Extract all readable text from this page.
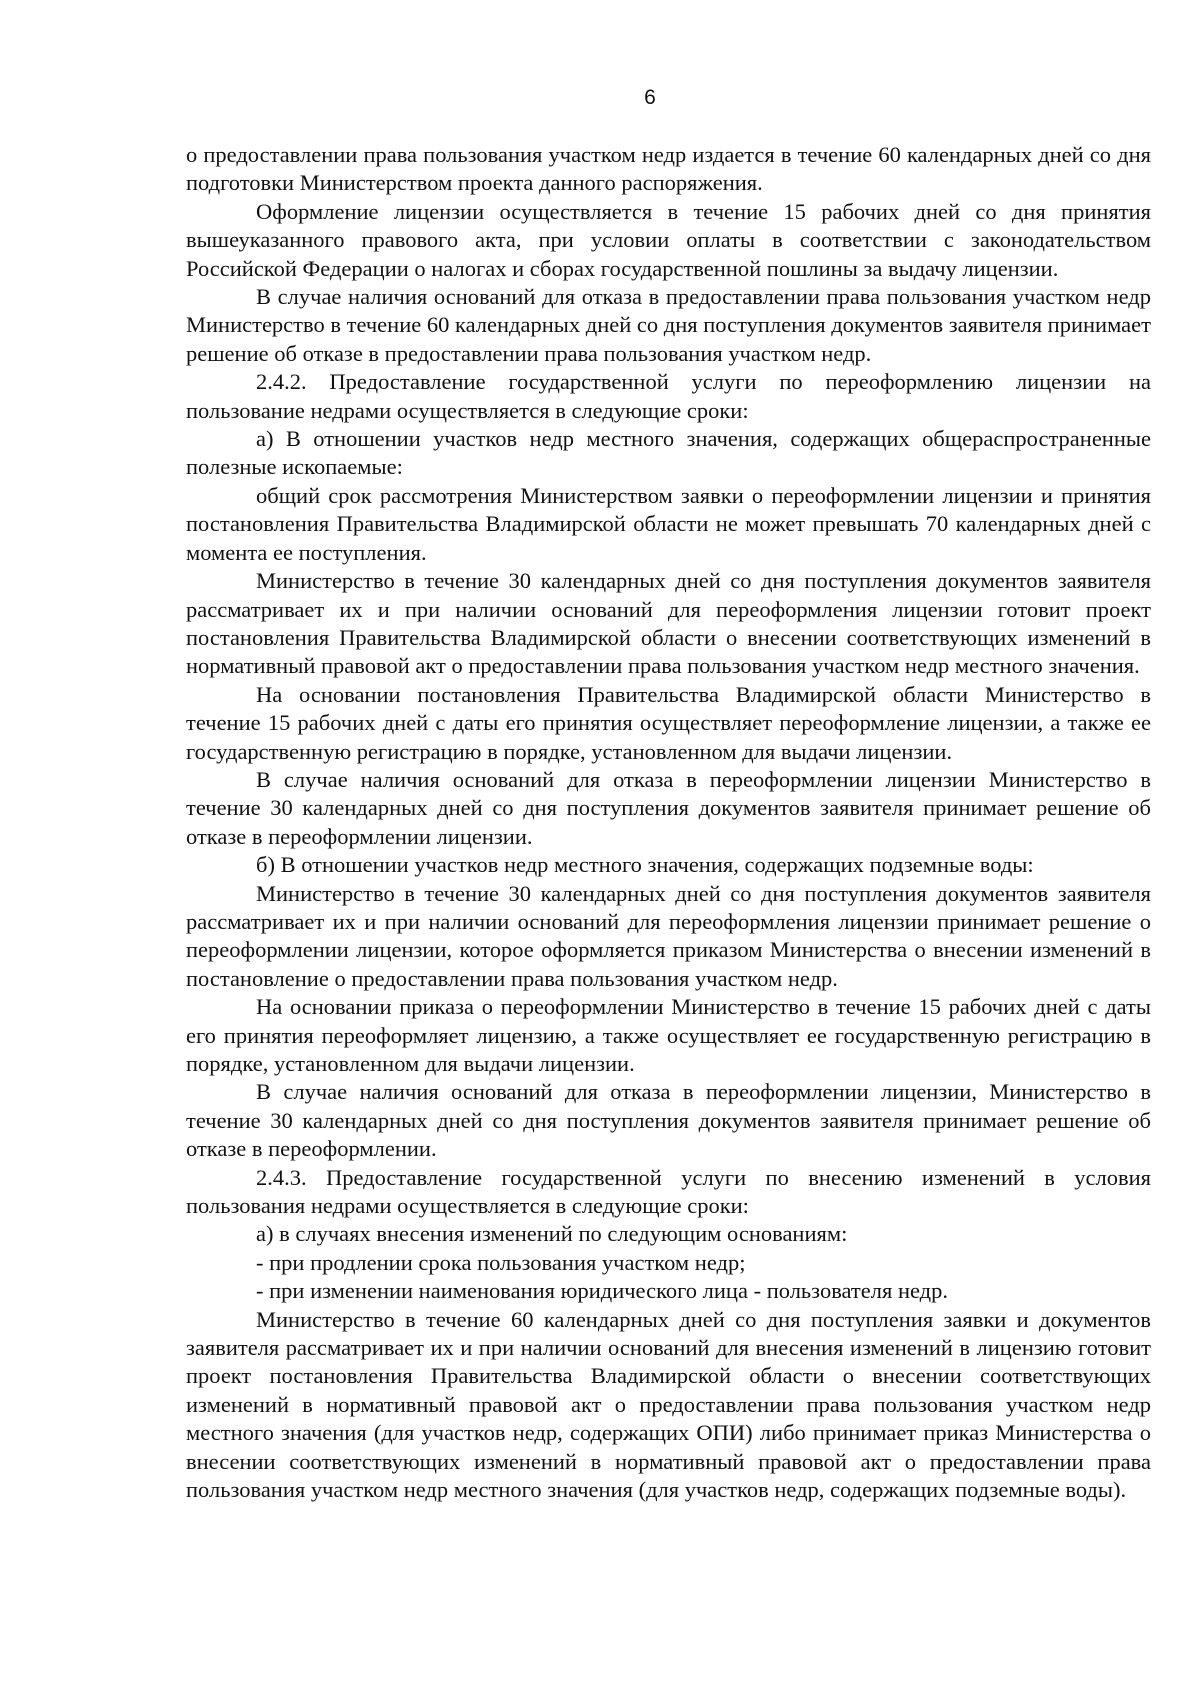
6

о предоставлении права пользования участком недр издается в течение 60 календарных дней со дня подготовки Министерством проекта данного распоряжения.

Оформление лицензии осуществляется в течение 15 рабочих дней со дня принятия вышеуказанного правового акта, при условии оплаты в соответствии с законодательством Российской Федерации о налогах и сборах государственной пошлины за выдачу лицензии.

В случае наличия оснований для отказа в предоставлении права пользования участком недр Министерство в течение 60 календарных дней со дня поступления документов заявителя принимает решение об отказе в предоставлении права пользования участком недр.

2.4.2. Предоставление государственной услуги по переоформлению лицензии на пользование недрами осуществляется в следующие сроки:

а) В отношении участков недр местного значения, содержащих общераспространенные полезные ископаемые:

общий срок рассмотрения Министерством заявки о переоформлении лицензии и принятия постановления Правительства Владимирской области не может превышать 70 календарных дней с момента ее поступления.

Министерство в течение 30 календарных дней со дня поступления документов заявителя рассматривает их и при наличии оснований для переоформления лицензии готовит проект постановления Правительства Владимирской области о внесении соответствующих изменений в нормативный правовой акт о предоставлении права пользования участком недр местного значения.

На основании постановления Правительства Владимирской области Министерство в течение 15 рабочих дней с даты его принятия осуществляет переоформление лицензии, а также ее государственную регистрацию в порядке, установленном для выдачи лицензии.

В случае наличия оснований для отказа в переоформлении лицензии Министерство в течение 30 календарных дней со дня поступления документов заявителя принимает решение об отказе в переоформлении лицензии.

б) В отношении участков недр местного значения, содержащих подземные воды:

Министерство в течение 30 календарных дней со дня поступления документов заявителя рассматривает их и при наличии оснований для переоформления лицензии принимает решение о переоформлении лицензии, которое оформляется приказом Министерства о внесении изменений в постановление о предоставлении права пользования участком недр.

На основании приказа о переоформлении Министерство в течение 15 рабочих дней с даты его принятия переоформляет лицензию, а также осуществляет ее государственную регистрацию в порядке, установленном для выдачи лицензии.

В случае наличия оснований для отказа в переоформлении лицензии, Министерство в течение 30 календарных дней со дня поступления документов заявителя принимает решение об отказе в переоформлении.

2.4.3. Предоставление государственной услуги по внесению изменений в условия пользования недрами осуществляется в следующие сроки:

а) в случаях внесения изменений по следующим основаниям:

- при продлении срока пользования участком недр;

- при изменении наименования юридического лица - пользователя недр.

Министерство в течение 60 календарных дней со дня поступления заявки и документов заявителя рассматривает их и при наличии оснований для внесения изменений в лицензию готовит проект постановления Правительства Владимирской области о внесении соответствующих изменений в нормативный правовой акт о предоставлении права пользования участком недр местного значения (для участков недр, содержащих ОПИ) либо принимает приказ Министерства о внесении соответствующих изменений в нормативный правовой акт о предоставлении права пользования участком недр местного значения (для участков недр, содержащих подземные воды).
